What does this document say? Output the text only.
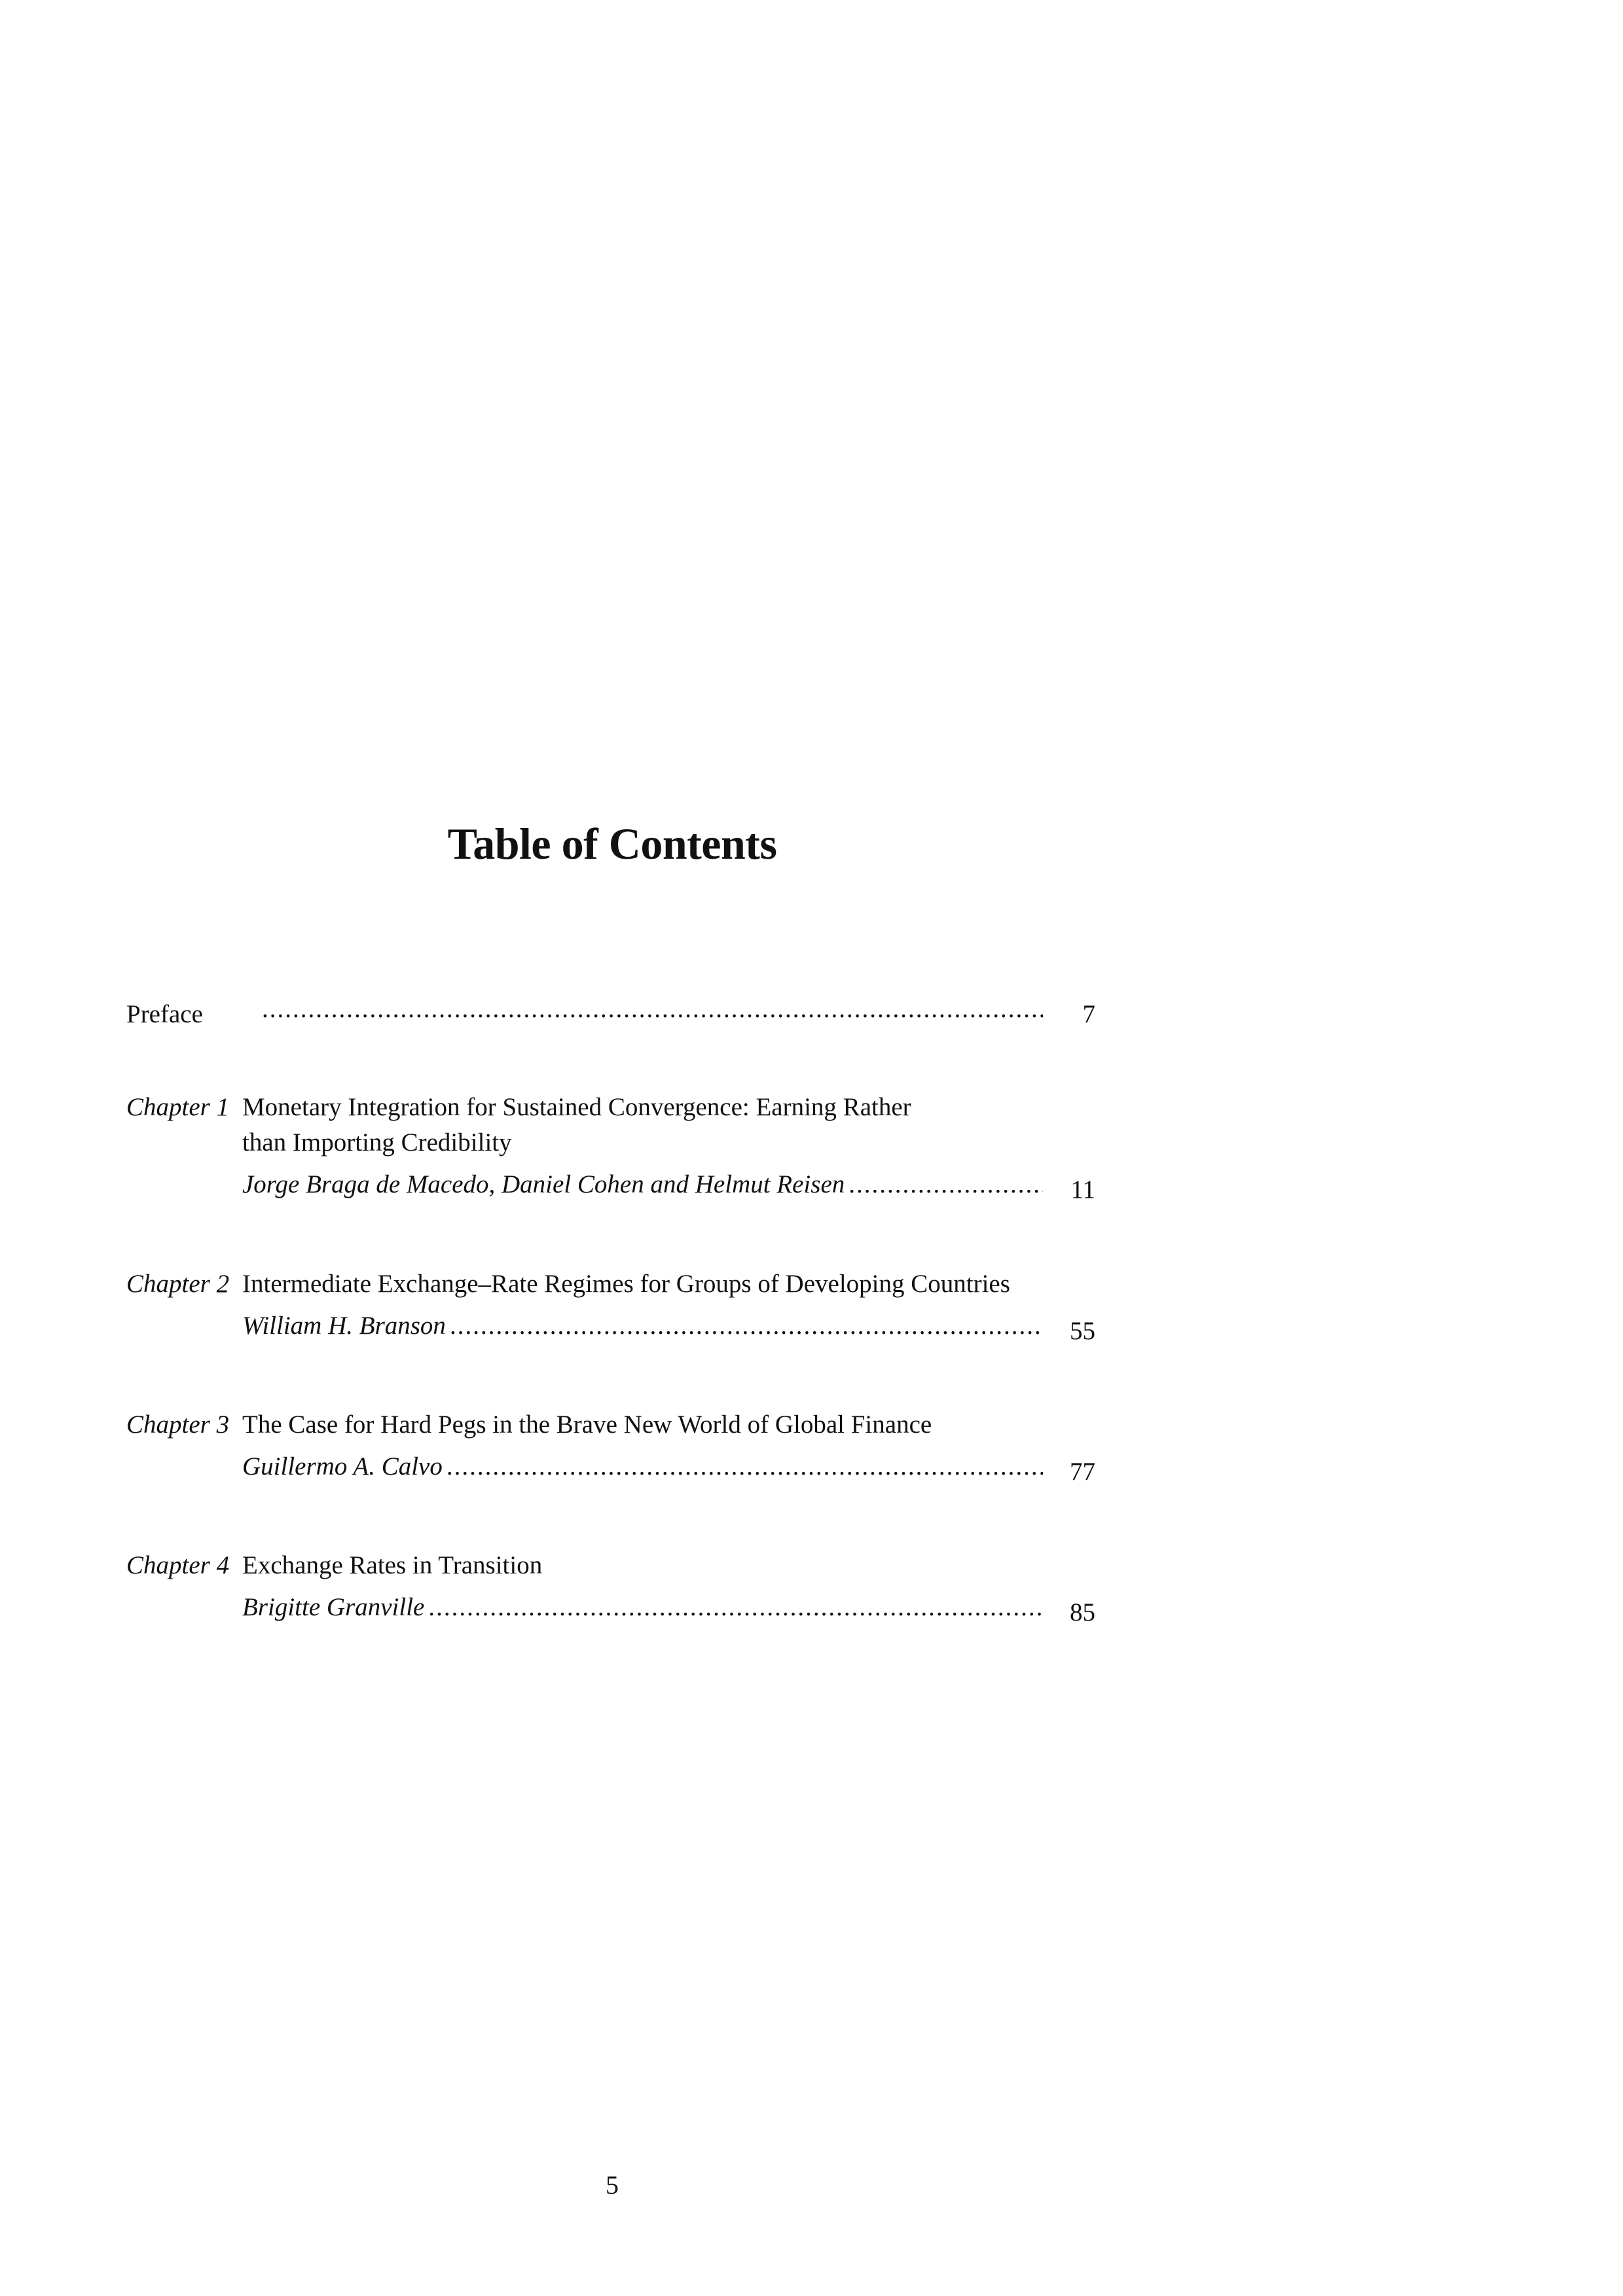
Table of Contents
Preface .....	7
Chapter 1 Monetary Integration for Sustained Convergence: Earning Rather
than Importing Credibility
Jorge Braga de Macedo, Daniel Cohen and Helmut Reisen .....	11
Chapter 2 Intermediate Exchange–Rate Regimes for Groups of Developing Countries
William H. Branson .....	55
Chapter 3 The Case for Hard Pegs in the Brave New World of Global Finance
Guillermo A. Calvo .....	77
Chapter 4 Exchange Rates in Transition
Brigitte Granville .....	85
5
